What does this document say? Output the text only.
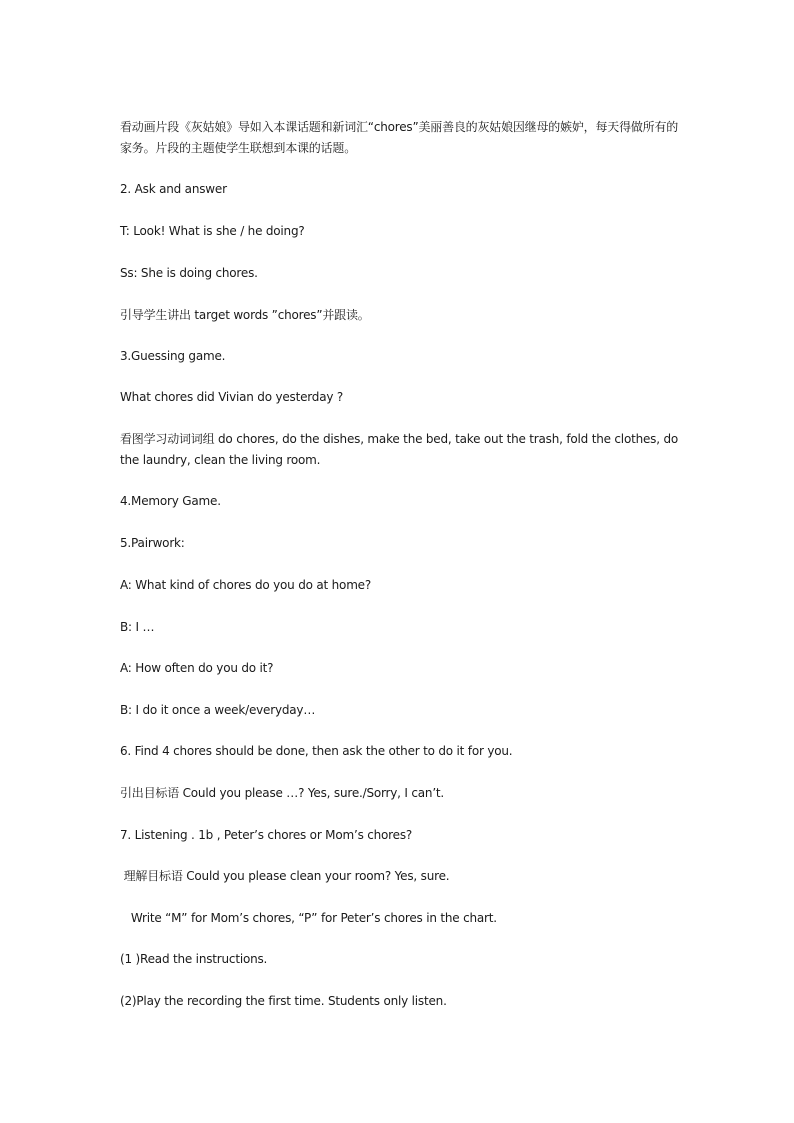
看动画片段《灰姑娘》导如入本课话题和新词汇“chores”美丽善良的灰姑娘因继母的嫉妒，每天得做所有的家务。片段的主题使学生联想到本课的话题。

2. Ask and answer

T: Look! What is she / he doing?

Ss: She is doing chores.

引导学生讲出 target words ”chores”并跟读。

3.Guessing game.

What chores did Vivian do yesterday ?

看图学习动词词组 do chores, do the dishes, make the bed, take out the trash, fold the clothes, do the laundry, clean the living room.

4.Memory Game.

5.Pairwork:

A: What kind of chores do you do at home?

B: I …

A: How often do you do it?

B: I do it once a week/everyday…

6. Find 4 chores should be done, then ask the other to do it for you.

引出目标语 Could you please …? Yes, sure./Sorry, I can’t.

7. Listening . 1b , Peter’s chores or Mom’s chores?

理解目标语 Could you please clean your room? Yes, sure.

Write “M” for Mom’s chores, “P” for Peter’s chores in the chart.

(1 )Read the instructions.

(2)Play the recording the first time. Students only listen.
